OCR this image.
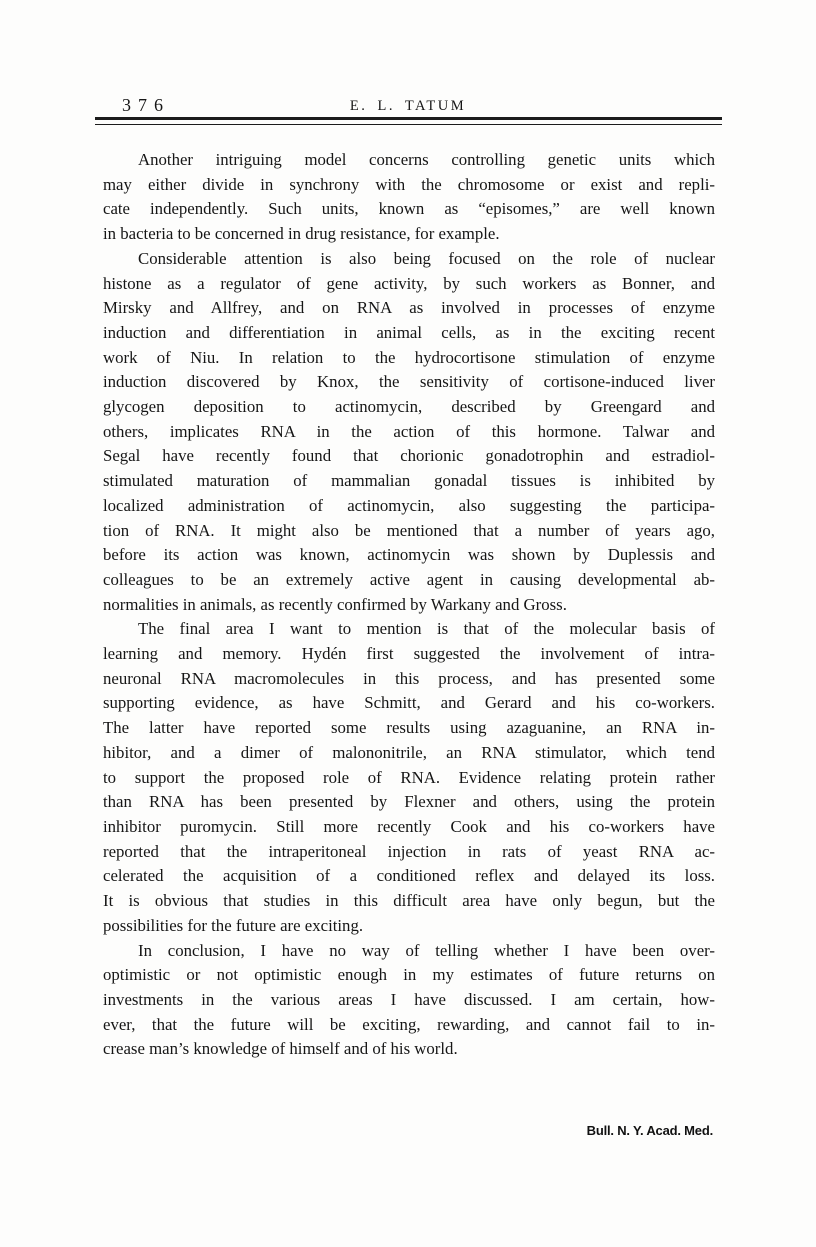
376	E. L. TATUM
Another intriguing model concerns controlling genetic units which
may either divide in synchrony with the chromosome or exist and repli-
cate independently. Such units, known as “episomes,” are well known
in bacteria to be concerned in drug resistance, for example.
Considerable attention is also being focused on the role of nuclear
histone as a regulator of gene activity, by such workers as Bonner, and
Mirsky and Allfrey, and on RNA as involved in processes of enzyme
induction and differentiation in animal cells, as in the exciting recent
work of Niu. In relation to the hydrocortisone stimulation of enzyme
induction discovered by Knox, the sensitivity of cortisone-induced liver
glycogen deposition to actinomycin, described by Greengard and
others, implicates RNA in the action of this hormone. Talwar and
Segal have recently found that chorionic gonadotrophin and estradiol-
stimulated maturation of mammalian gonadal tissues is inhibited by
localized administration of actinomycin, also suggesting the participa-
tion of RNA. It might also be mentioned that a number of years ago,
before its action was known, actinomycin was shown by Duplessis and
colleagues to be an extremely active agent in causing developmental ab-
normalities in animals, as recently confirmed by Warkany and Gross.
The final area I want to mention is that of the molecular basis of
learning and memory. Hydén first suggested the involvement of intra-
neuronal RNA macromolecules in this process, and has presented some
supporting evidence, as have Schmitt, and Gerard and his co-workers.
The latter have reported some results using azaguanine, an RNA in-
hibitor, and a dimer of malononitrile, an RNA stimulator, which tend
to support the proposed role of RNA. Evidence relating protein rather
than RNA has been presented by Flexner and others, using the protein
inhibitor puromycin. Still more recently Cook and his co-workers have
reported that the intraperitoneal injection in rats of yeast RNA ac-
celerated the acquisition of a conditioned reflex and delayed its loss.
It is obvious that studies in this difficult area have only begun, but the
possibilities for the future are exciting.
In conclusion, I have no way of telling whether I have been over-
optimistic or not optimistic enough in my estimates of future returns on
investments in the various areas I have discussed. I am certain, how-
ever, that the future will be exciting, rewarding, and cannot fail to in-
crease man’s knowledge of himself and of his world.
Bull. N. Y. Acad. Med.
